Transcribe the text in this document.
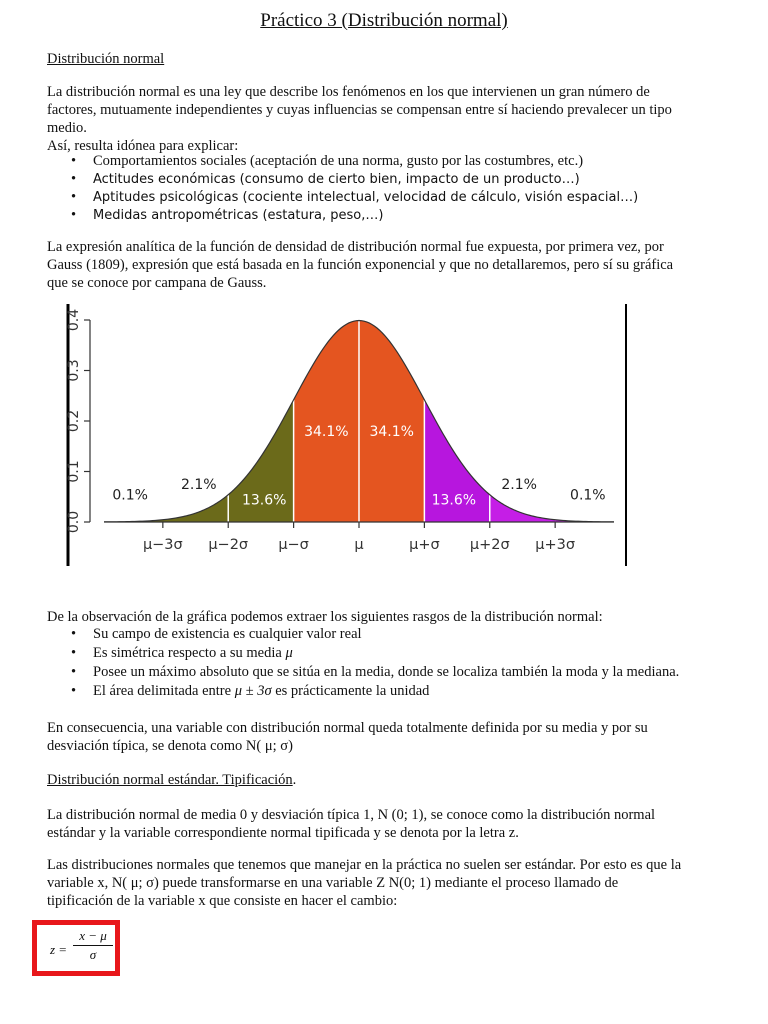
Práctico 3 (Distribución normal)
Distribución normal

La distribución normal es una ley que describe los fenómenos en los que intervienen un gran número de

factores, mutuamente independientes y cuyas influencias se compensan entre sí haciendo prevalecer un tipo

medio.

Así, resulta idónea para explicar:

• Comportamientos sociales (aceptación de una norma, gusto por las costumbres, etc.)
• Actitudes económicas (consumo de cierto bien, impacto de un producto…)
• Aptitudes psicológicas (cociente intelectual, velocidad de cálculo, visión espacial…)
• Medidas antropométricas (estatura, peso,…)

La expresión analítica de la función de densidad de distribución normal fue expuesta, por primera vez, por

Gauss (1809), expresión que está basada en la función exponencial y que no detallaremos, pero sí su gráfica

que se conoce por campana de Gauss.

0.0
0.1
0.2
0.3
0.4
μ−3σ μ−2σ μ−σ	μ	μ+σ μ+2σ μ+3σ
0.1%
2.1%
13.6%
34.1% 34.1%
13.6%
2.1%
0.1%
De la observación de la gráfica podemos extraer los siguientes rasgos de la distribución normal:
• Su campo de existencia es cualquier valor real
• Es simétrica respecto a su media μ
• Posee un máximo absoluto que se sitúa en la media, donde se localiza también la moda y la mediana.
• El área delimitada entre μ ± 3σ es prácticamente la unidad

En consecuencia, una variable con distribución normal queda totalmente definida por su media y por su

desviación típica, se denota como N( μ; σ)

Distribución normal estándar. Tipificación.

La distribución normal de media 0 y desviación típica 1, N (0; 1), se conoce como la distribución normal

estándar y la variable correspondiente normal tipificada y se denota por la letra z.

Las distribuciones normales que tenemos que manejar en la práctica no suelen ser estándar. Por esto es que la

variable x, N( μ; σ) puede transformarse en una variable Z N(0; 1) mediante el proceso llamado de

tipificación de la variable x que consiste en hacer el cambio:

z =
x − μ
σ
